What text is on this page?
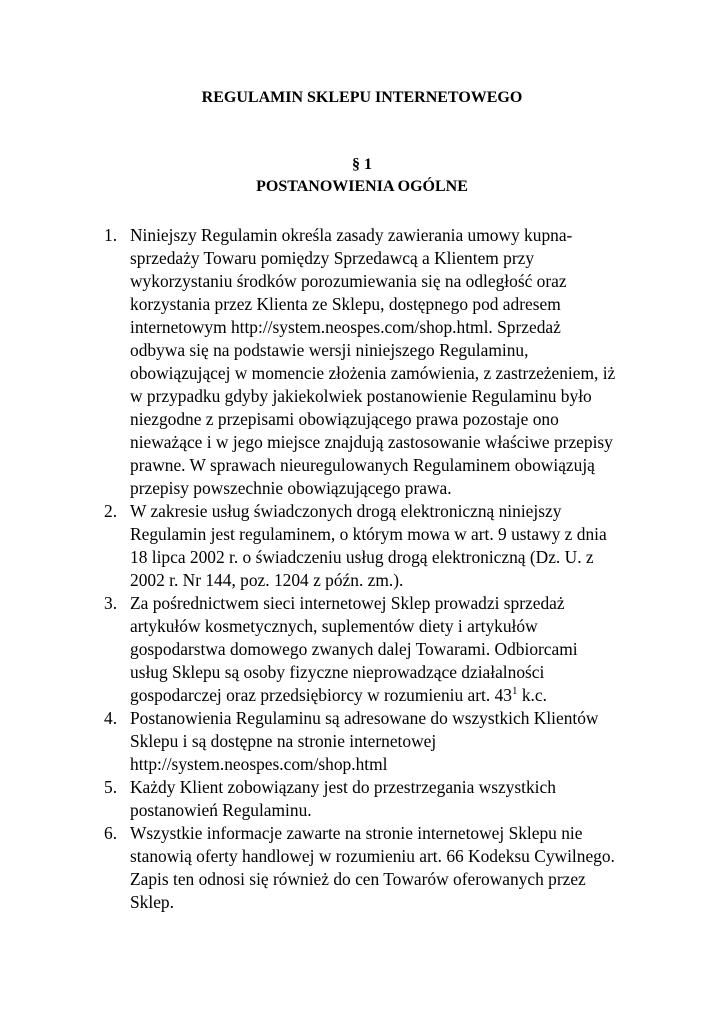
REGULAMIN SKLEPU INTERNETOWEGO
§ 1
POSTANOWIENIA OGÓLNE
1. Niniejszy Regulamin określa zasady zawierania umowy kupna-
sprzedaży Towaru pomiędzy Sprzedawcą a Klientem przy
wykorzystaniu środków porozumiewania się na odległość oraz
korzystania przez Klienta ze Sklepu, dostępnego pod adresem
internetowym http://system.neospes.com/shop.html. Sprzedaż
odbywa się na podstawie wersji niniejszego Regulaminu,
obowiązującej w momencie złożenia zamówienia, z zastrzeżeniem, iż
w przypadku gdyby jakiekolwiek postanowienie Regulaminu było
niezgodne z przepisami obowiązującego prawa pozostaje ono
nieważące i w jego miejsce znajdują zastosowanie właściwe przepisy
prawne. W sprawach nieuregulowanych Regulaminem obowiązują
przepisy powszechnie obowiązującego prawa.
2. W zakresie usług świadczonych drogą elektroniczną niniejszy
Regulamin jest regulaminem, o którym mowa w art. 9 ustawy z dnia
18 lipca 2002 r. o świadczeniu usług drogą elektroniczną (Dz. U. z
2002 r. Nr 144, poz. 1204 z późn. zm.).
3. Za pośrednictwem sieci internetowej Sklep prowadzi sprzedaż
artykułów kosmetycznych, suplementów diety i artykułów
gospodarstwa domowego zwanych dalej Towarami. Odbiorcami
usług Sklepu są osoby fizyczne nieprowadzące działalności
gospodarczej oraz przedsiębiorcy w rozumieniu art. $43^1$ k.c.
4. Postanowienia Regulaminu są adresowane do wszystkich Klientów
Sklepu i są dostępne na stronie internetowej
http://system.neospes.com/shop.html
5. Każdy Klient zobowiązany jest do przestrzegania wszystkich
postanowień Regulaminu.
6. Wszystkie informacje zawarte na stronie internetowej Sklepu nie
stanowią oferty handlowej w rozumieniu art. 66 Kodeksu Cywilnego.
Zapis ten odnosi się również do cen Towarów oferowanych przez
Sklep.
